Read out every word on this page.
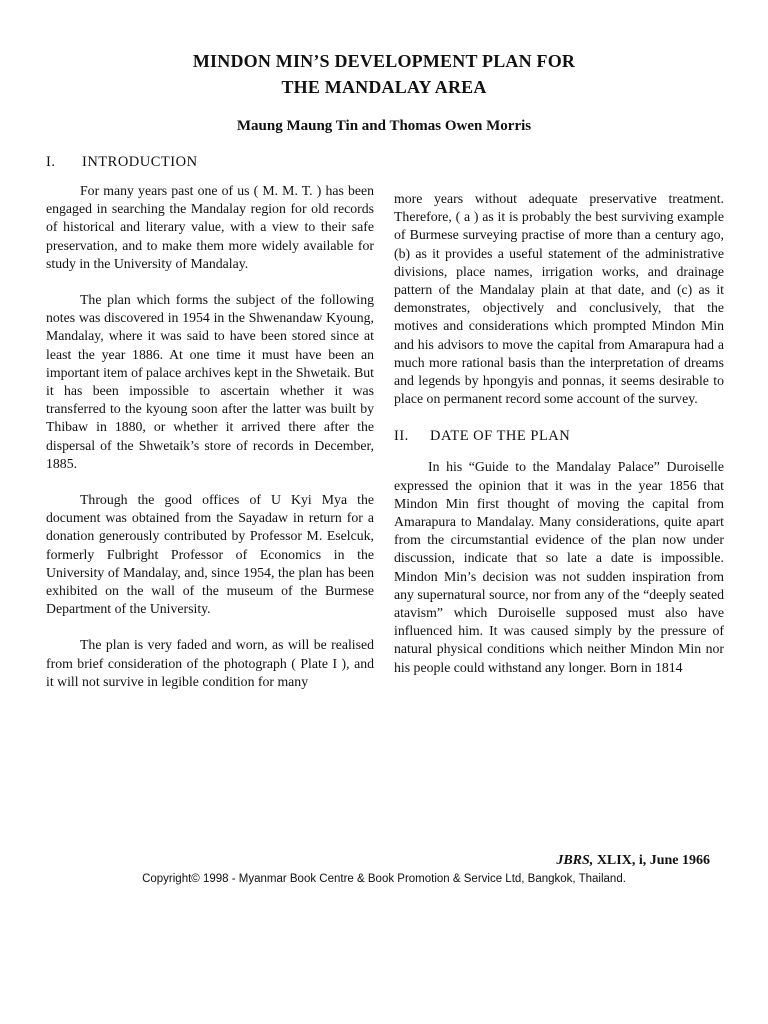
MINDON MIN’S DEVELOPMENT PLAN FOR
THE MANDALAY AREA
Maung Maung Tin and Thomas Owen Morris
I. INTRODUCTION

For many years past one of us ( M. M. T. ) has been engaged in searching the Mandalay region for old records of historical and literary value, with a view to their safe preservation, and to make them more widely available for study in the University of Mandalay.

The plan which forms the subject of the following notes was discovered in 1954 in the Shwenandaw Kyoung, Mandalay, where it was said to have been stored since at least the year 1886. At one time it must have been an important item of palace archives kept in the Shwetaik. But it has been impossible to ascertain whether it was transferred to the kyoung soon after the latter was built by Thibaw in 1880, or whether it arrived there after the dispersal of the Shwetaik’s store of records in December, 1885.

Through the good offices of U Kyi Mya the document was obtained from the Sayadaw in return for a donation generously contributed by Professor M. Eselcuk, formerly Fulbright Professor of Economics in the University of Mandalay, and, since 1954, the plan has been exhibited on the wall of the museum of the Burmese Department of the University.

The plan is very faded and worn, as will be realised from brief consideration of the photograph ( Plate I ), and it will not survive in legible condition for many

more years without adequate preservative treatment. Therefore, ( a ) as it is probably the best surviving example of Burmese surveying practise of more than a century ago, (b) as it provides a useful statement of the administrative divisions, place names, irrigation works, and drainage pattern of the Mandalay plain at that date, and (c) as it demonstrates, objectively and conclusively, that the motives and considerations which prompted Mindon Min and his advisors to move the capital from Amarapura had a much more rational basis than the interpretation of dreams and legends by hpongyis and ponnas, it seems desirable to place on permanent record some account of the survey.

II. DATE OF THE PLAN

In his “Guide to the Mandalay Palace” Duroiselle expressed the opinion that it was in the year 1856 that Mindon Min first thought of moving the capital from Amarapura to Mandalay. Many considerations, quite apart from the circumstantial evidence of the plan now under discussion, indicate that so late a date is impossible. Mindon Min’s decision was not sudden inspiration from any supernatural source, nor from any of the “deeply seated atavism” which Duroiselle supposed must also have influenced him. It was caused simply by the pressure of natural physical conditions which neither Mindon Min nor his people could withstand any longer. Born in 1814

JBRS, XLIX, i, June 1966
Copyright© 1998 - Myanmar Book Centre & Book Promotion & Service Ltd, Bangkok, Thailand.
